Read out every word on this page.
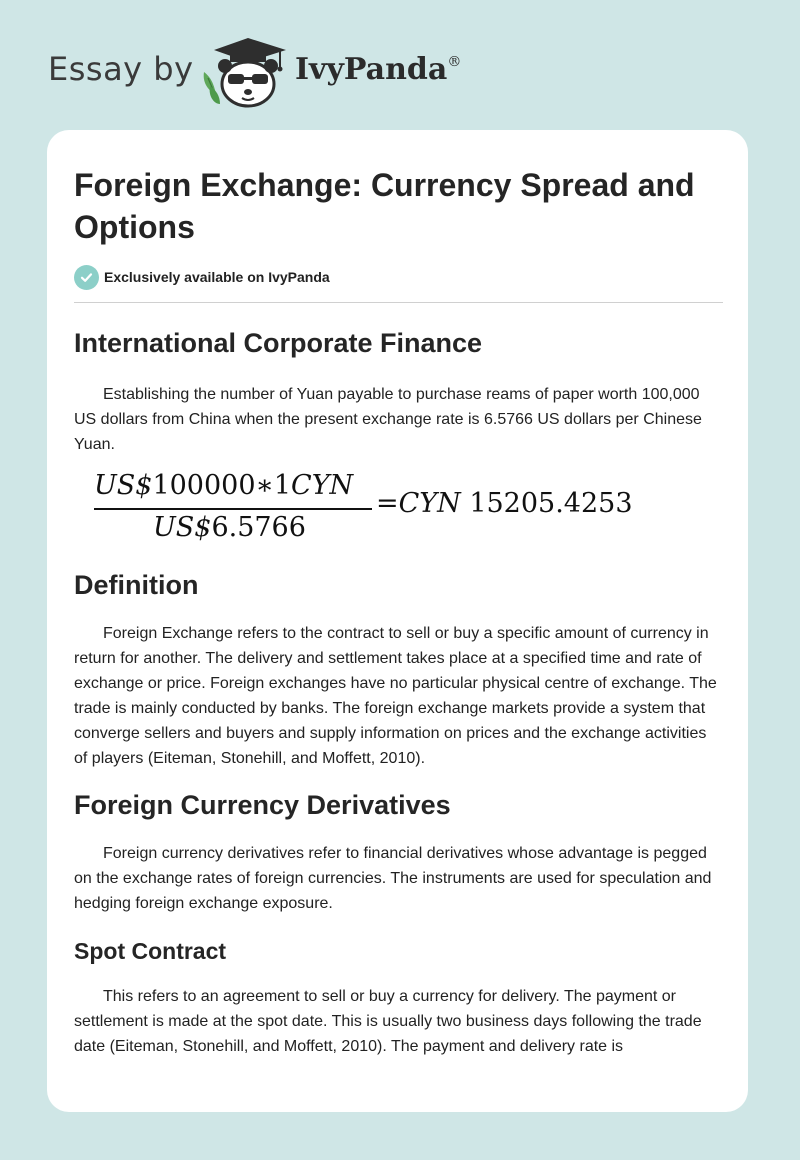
Essay by	IvyPanda®
Foreign Exchange: Currency Spread and Options
Exclusively available on IvyPanda
International Corporate Finance

Establishing the number of Yuan payable to purchase reams of paper worth 100,000 US dollars from China when the present exchange rate is 6.5766 US dollars per Chinese Yuan.

US$100000∗1CYN
US$6.5766
=CYN 15205.4253
Definition

Foreign Exchange refers to the contract to sell or buy a specific amount of currency in return for another. The delivery and settlement takes place at a specified time and rate of exchange or price. Foreign exchanges have no particular physical centre of exchange. The trade is mainly conducted by banks. The foreign exchange markets provide a system that converge sellers and buyers and supply information on prices and the exchange activities of players (Eiteman, Stonehill, and Moffett, 2010).

Foreign Currency Derivatives

Foreign currency derivatives refer to financial derivatives whose advantage is pegged on the exchange rates of foreign currencies. The instruments are used for speculation and hedging foreign exchange exposure.

Spot Contract

This refers to an agreement to sell or buy a currency for delivery. The payment or settlement is made at the spot date. This is usually two business days following the trade date (Eiteman, Stonehill, and Moffett, 2010). The payment and delivery rate is
